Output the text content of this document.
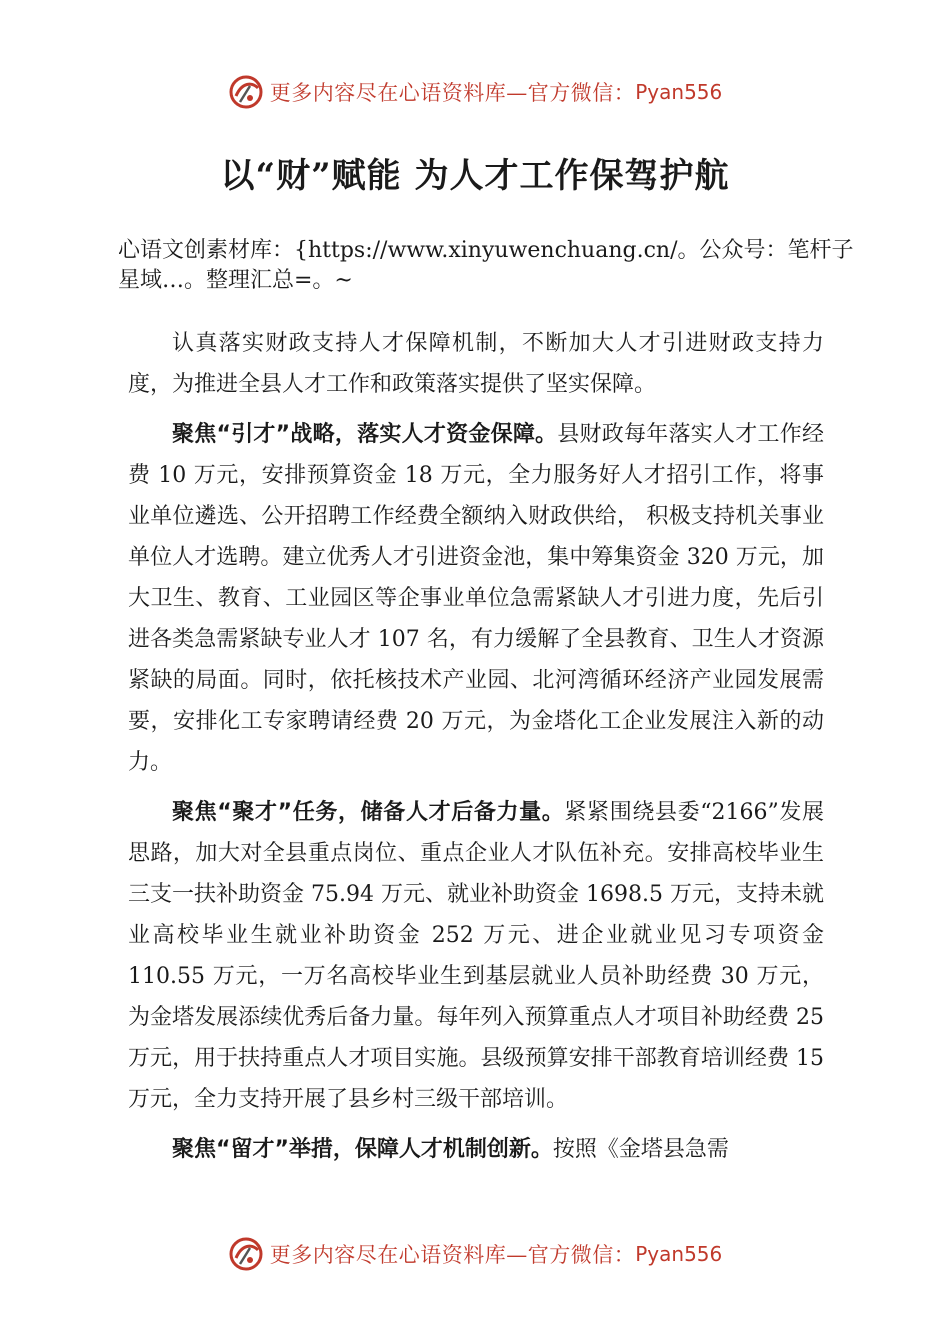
更多内容尽在心语资料库—官方微信： Pyan556
以“财”赋能 为人才工作保驾护航

心语文创素材库：{https://www.xinyuwenchuang.cn/。公众号：笔杆子星域…。整理汇总=。~

认真落实财政支持人才保障机制，不断加大人才引进财政支持力度，为推进全县人才工作和政策落实提供了坚实保障。

聚焦“引才”战略，落实人才资金保障。县财政每年落实人才工作经费 10 万元，安排预算资金 18 万元，全力服务好人才招引工作，将事业单位遴选、公开招聘工作经费全额纳入财政供给， 积极支持机关事业单位人才选聘。建立优秀人才引进资金池，集中筹集资金 320 万元，加大卫生、教育、工业园区等企事业单位急需紧缺人才引进力度，先后引进各类急需紧缺专业人才 107 名，有力缓解了全县教育、卫生人才资源紧缺的局面。同时，依托核技术产业园、北河湾循环经济产业园发展需要，安排化工专家聘请经费 20 万元，为金塔化工企业发展注入新的动力。

聚焦“聚才”任务，储备人才后备力量。紧紧围绕县委“2166”发展思路，加大对全县重点岗位、重点企业人才队伍补充。安排高校毕业生三支一扶补助资金 75.94 万元、就业补助资金 1698.5 万元，支持未就业高校毕业生就业补助资金 252 万元、进企业就业见习专项资金 110.55 万元，一万名高校毕业生到基层就业人员补助经费 30 万元，为金塔发展添续优秀后备力量。每年列入预算重点人才项目补助经费 25 万元，用于扶持重点人才项目实施。县级预算安排干部教育培训经费 15 万元，全力支持开展了县乡村三级干部培训。

聚焦“留才”举措，保障人才机制创新。按照《金塔县急需

更多内容尽在心语资料库—官方微信： Pyan556
